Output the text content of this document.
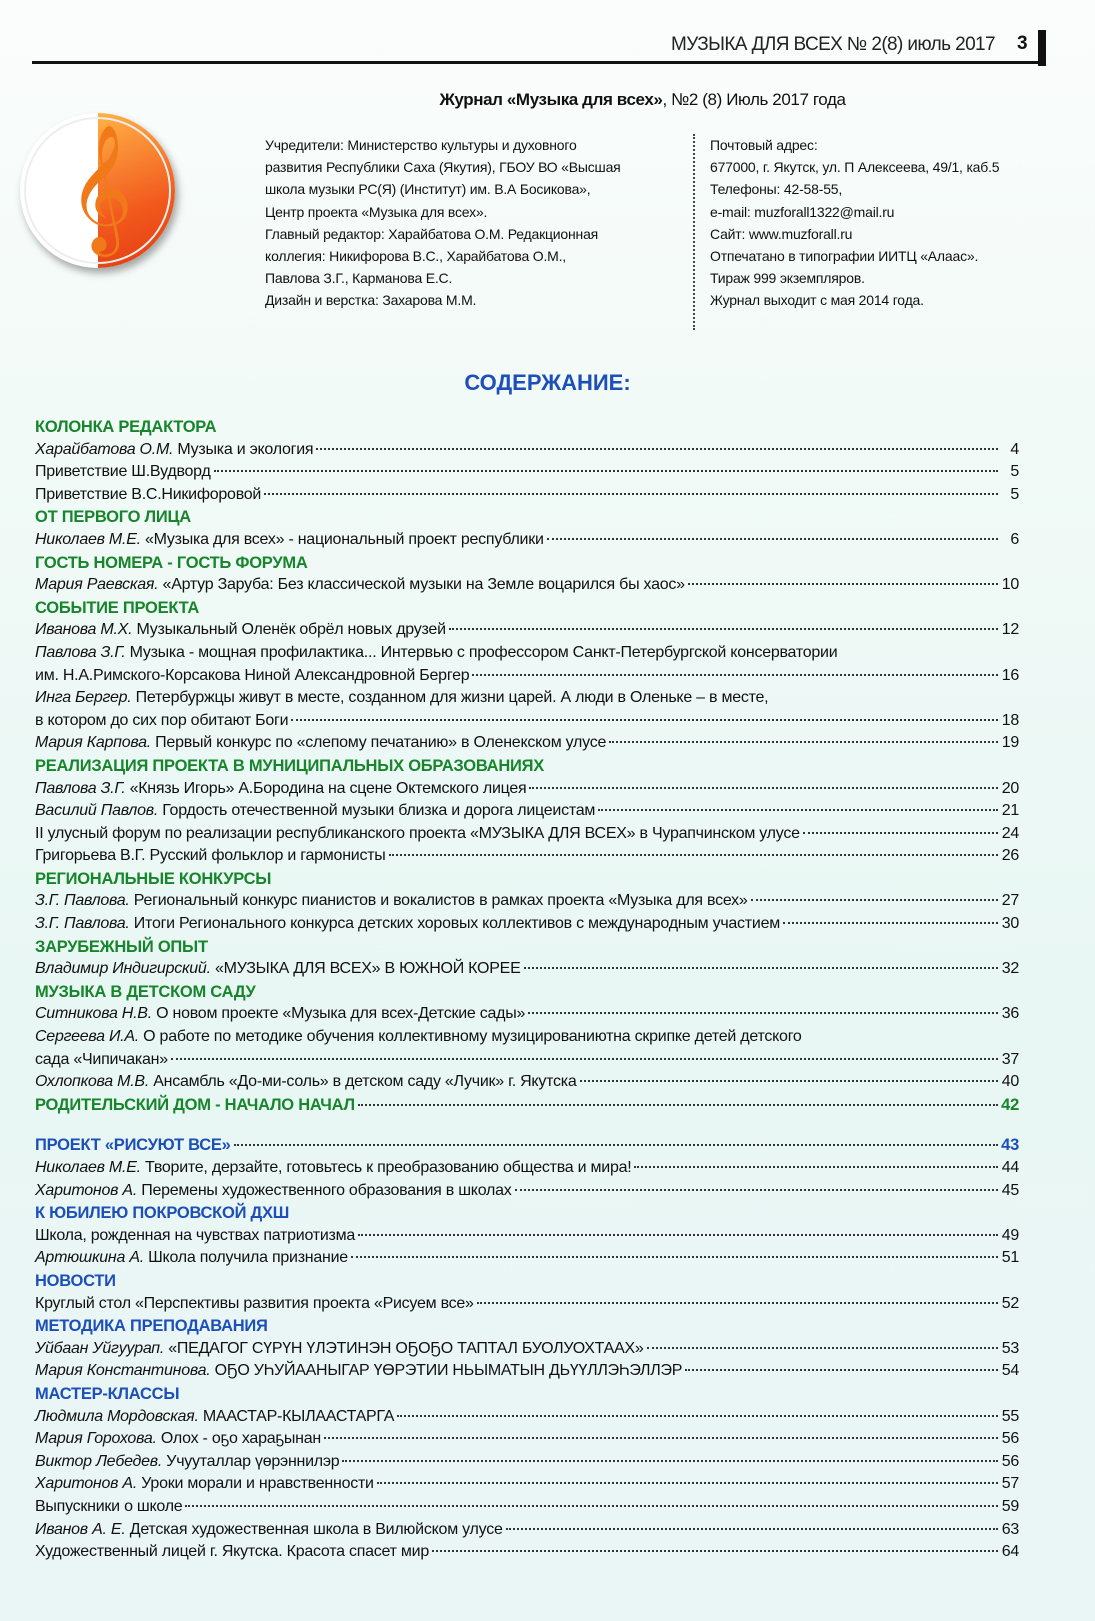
МУЗЫКА ДЛЯ ВСЕХ № 2(8) июль 2017 3
𝄞
Журнал «Музыка для всех», №2 (8) Июль 2017 года
Учредители: Министерство культуры и духовного
развития Республики Саха (Якутия), ГБОУ ВО «Высшая
школа музыки РС(Я) (Институт) им. В.А Босикова»,
Центр проекта «Музыка для всех».
Главный редактор: Харайбатова О.М. Редакционная
коллегия: Никифорова В.С., Харайбатова О.М.,
Павлова З.Г., Карманова Е.С.
Дизайн и верстка: Захарова М.М.
Почтовый адрес:
677000, г. Якутск, ул. П Алексеева, 49/1, каб.5
Телефоны: 42-58-55,
e-mail: muzforall1322@mail.ru
Сайт: www.muzforall.ru
Отпечатано в типографии ИИТЦ «Алаас».
Тираж 999 экземпляров.
Журнал выходит с мая 2014 года.
СОДЕРЖАНИЕ:
КОЛОНКА РЕДАКТОРА
Харайбатова О.М. Музыка и экология	4
Приветствие Ш.Вудворд	5
Приветствие В.С.Никифоровой	5
ОТ ПЕРВОГО ЛИЦА
Николаев М.Е. «Музыка для всех» - национальный проект республики	6
ГОСТЬ НОМЕРА - ГОСТЬ ФОРУМА
Мария Раевская. «Артур Заруба: Без классической музыки на Земле воцарился бы хаос»	10
СОБЫТИЕ ПРОЕКТА
Иванова М.Х. Музыкальный Оленёк обрёл новых друзей	12
Павлова З.Г. Музыка - мощная профилактика... Интервью с профессором Санкт-Петербургской консерватории
им. Н.А.Римского-Корсакова Ниной Александровной Бергер	16
Инга Бергер. Петербуржцы живут в месте, созданном для жизни царей. А люди в Оленьке – в месте,
в котором до сих пор обитают Боги	18
Мария Карпова. Первый конкурс по «слепому печатанию» в Оленекском улусе	19
РЕАЛИЗАЦИЯ ПРОЕКТА В МУНИЦИПАЛЬНЫХ ОБРАЗОВАНИЯХ
Павлова З.Г. «Князь Игорь» А.Бородина на сцене Октемского лицея	20
Василий Павлов. Гордость отечественной музыки близка и дорога лицеистам	21
II улусный форум по реализации республиканского проекта «МУЗЫКА ДЛЯ ВСЕХ» в Чурапчинском улусе	24
Григорьева В.Г. Русский фольклор и гармонисты	26
РЕГИОНАЛЬНЫЕ КОНКУРСЫ
З.Г. Павлова. Региональный конкурс пианистов и вокалистов в рамках проекта «Музыка для всех»	27
З.Г. Павлова. Итоги Регионального конкурса детских хоровых коллективов с международным участием	30
ЗАРУБЕЖНЫЙ ОПЫТ
Владимир Индигирский. «МУЗЫКА ДЛЯ ВСЕХ» В ЮЖНОЙ КОРЕЕ	32
МУЗЫКА В ДЕТСКОМ САДУ
Ситникова Н.В. О новом проекте «Музыка для всех-Детские сады»	36
Сергеева И.А. О работе по методике обучения коллективному музицированиютна скрипке детей детского
сада «Чипичакан»	37
Охлопкова М.В. Ансамбль «До-ми-соль» в детском саду «Лучик» г. Якутска	40
РОДИТЕЛЬСКИЙ ДОМ - НАЧАЛО НАЧАЛ	42
ПРОЕКТ «РИСУЮТ ВСЕ»	43
Николаев М.Е. Творите, дерзайте, готовьтесь к преобразованию общества и мира!	44
Харитонов А. Перемены художественного образования в школах	45
К ЮБИЛЕЮ ПОКРОВСКОЙ ДХШ
Школа, рожденная на чувствах патриотизма	49
Артюшкина А. Школа получила признание	51
НОВОСТИ
Круглый стол «Перспективы развития проекта «Рисуем все»	52
МЕТОДИКА ПРЕПОДАВАНИЯ
Уйбаан Уйгуурап. «ПЕДАГОГ СҮРҮН ҮЛЭТИНЭН ОҔОҔО ТАПТАЛ БУОЛУОХТААХ»	53
Мария Константинова. ОҔО УҺУЙААНЫГАР ҮӨРЭТИИ НЬЫМАТЫН ДЬҮҮЛЛЭҺЭЛЛЭР	54
МАСТЕР-КЛАССЫ
Людмила Мордовская. МААСТАР-КЫЛААСТАРГА	55
Мария Горохова. Олох - оҕо хараҕынан	56
Виктор Лебедев. Учууталлар үөрэннилэр	56
Харитонов А. Уроки морали и нравственности	57
Выпускники о школе	59
Иванов А. Е. Детская художественная школа в Вилюйском улусе	63
Художественный лицей г. Якутска. Красота спасет мир	64
